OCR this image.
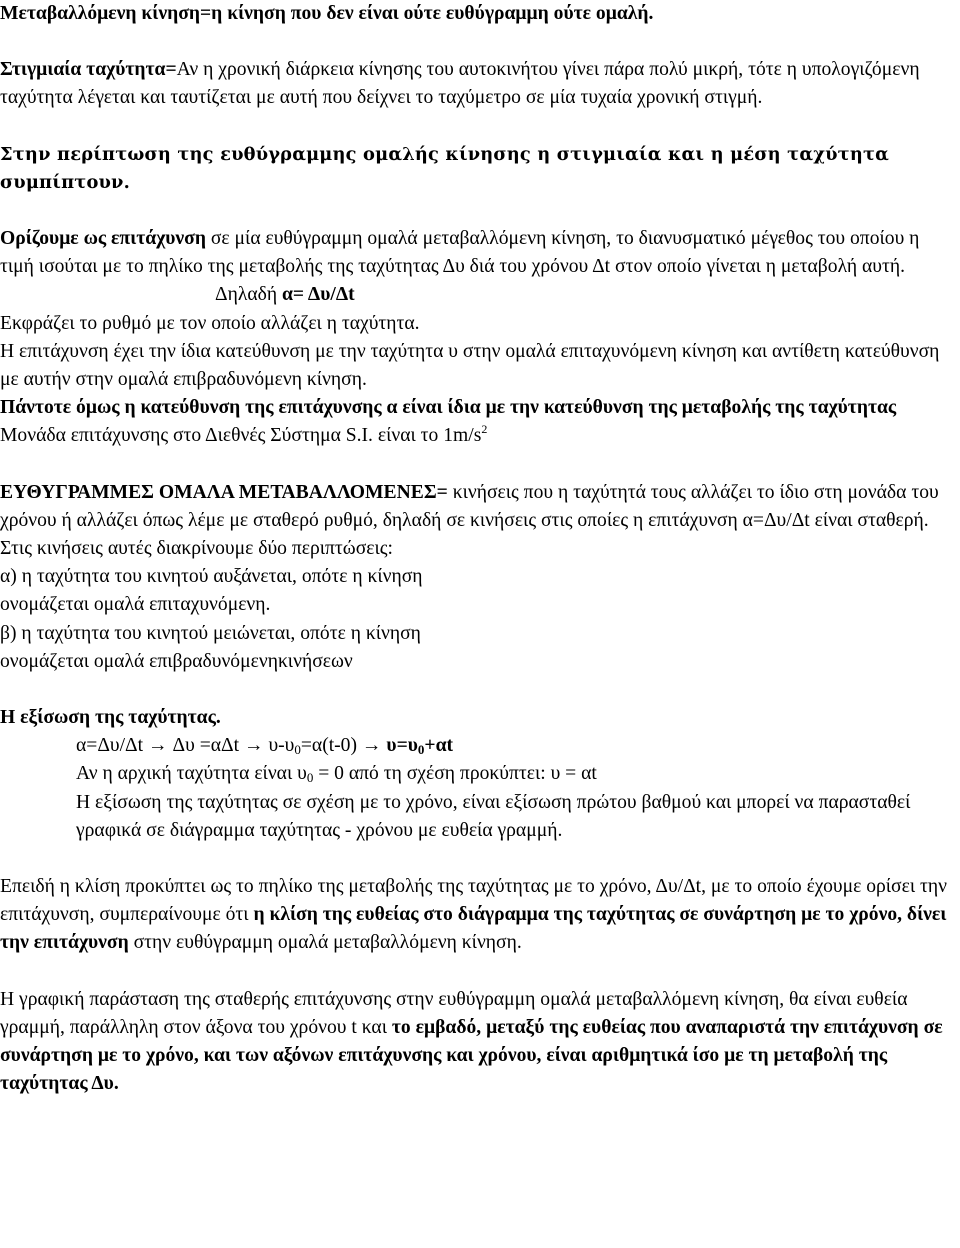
Μεταβαλλόμενη κίνηση=η κίνηση που δεν είναι ούτε ευθύγραμμη ούτε ομαλή.

Στιγμιαία ταχύτητα=Αν η χρονική διάρκεια κίνησης του αυτοκινήτου γίνει πάρα πολύ μικρή, τότε η υπολογιζόμενη ταχύτητα λέγεται και ταυτίζεται με αυτή που δείχνει το ταχύμετρο σε μία τυχαία χρονική στιγμή.

Στην περίπτωση της ευθύγραμμης ομαλής κίνησης η στιγμιαία και η μέση ταχύτητα συμπίπτουν.

Ορίζουμε ως επιτάχυνση σε μία ευθύγραμμη ομαλά μεταβαλλόμενη κίνηση, το διανυσματικό μέγεθος του οποίου η τιμή ισούται με το πηλίκο της μεταβολής της ταχύτητας Δυ διά του χρόνου Δt στον οποίο γίνεται η μεταβολή αυτή.

Δηλαδή α= Δυ/Δt

Εκφράζει το ρυθμό με τον οποίο αλλάζει η ταχύτητα.

Η επιτάχυνση έχει την ίδια κατεύθυνση με την ταχύτητα υ στην ομαλά επιταχυνόμενη κίνηση και αντίθετη κατεύθυνση με αυτήν στην ομαλά επιβραδυνόμενη κίνηση.

Πάντοτε όμως η κατεύθυνση της επιτάχυνσης α είναι ίδια με την κατεύθυνση της μεταβολής της ταχύτητας

Μονάδα επιτάχυνσης στο Διεθνές Σύστημα S.I. είναι το $1m/s^2$

ΕΥΘΥΓΡΑΜΜΕΣ ΟΜΑΛΑ ΜΕΤΑΒΑΛΛΟΜΕΝΕΣ= κινήσεις που η ταχύτητά τους αλλάζει το ίδιο στη μονάδα του χρόνου ή αλλάζει όπως λέμε με σταθερό ρυθμό, δηλαδή σε κινήσεις στις οποίες η επιτάχυνση α=Δυ/Δt είναι σταθερή.

Στις κινήσεις αυτές διακρίνουμε δύο περιπτώσεις:

α) η ταχύτητα του κινητού αυξάνεται, οπότε η κίνηση

ονομάζεται ομαλά επιταχυνόμενη.

β) η ταχύτητα του κινητού μειώνεται, οπότε η κίνηση

ονομάζεται ομαλά επιβραδυνόμενηκινήσεων

Η εξίσωση της ταχύτητας.

$\alpha=\Delta\upsilon/\Delta t \to \Delta\upsilon =\alpha\Delta t \to \upsilon-\upsilon_0=\alpha(t-0) \to \upsilon=\upsilon_0+\alpha t$

Αν η αρχική ταχύτητα είναι $\upsilon_0 = 0$ από τη σχέση προκύπτει: υ = αt

Η εξίσωση της ταχύτητας σε σχέση με το χρόνο, είναι εξίσωση πρώτου βαθμού και μπορεί να παρασταθεί γραφικά σε διάγραμμα ταχύτητας - χρόνου με ευθεία γραμμή.

Επειδή η κλίση προκύπτει ως το πηλίκο της μεταβολής της ταχύτητας με το χρόνο, Δυ/Δt, με το οποίο έχουμε ορίσει την επιτάχυνση, συμπεραίνουμε ότι η κλίση της ευθείας στο διάγραμμα της ταχύτητας σε συνάρτηση με το χρόνο, δίνει την επιτάχυνση στην ευθύγραμμη ομαλά μεταβαλλόμενη κίνηση.

Η γραφική παράσταση της σταθερής επιτάχυνσης στην ευθύγραμμη ομαλά μεταβαλλόμενη κίνηση, θα είναι ευθεία γραμμή, παράλληλη στον άξονα του χρόνου t και το εμβαδό, μεταξύ της ευθείας που αναπαριστά την επιτάχυνση σε συνάρτηση με το χρόνο, και των αξόνων επιτάχυνσης και χρόνου, είναι αριθμητικά ίσο με τη μεταβολή της ταχύτητας Δυ.
